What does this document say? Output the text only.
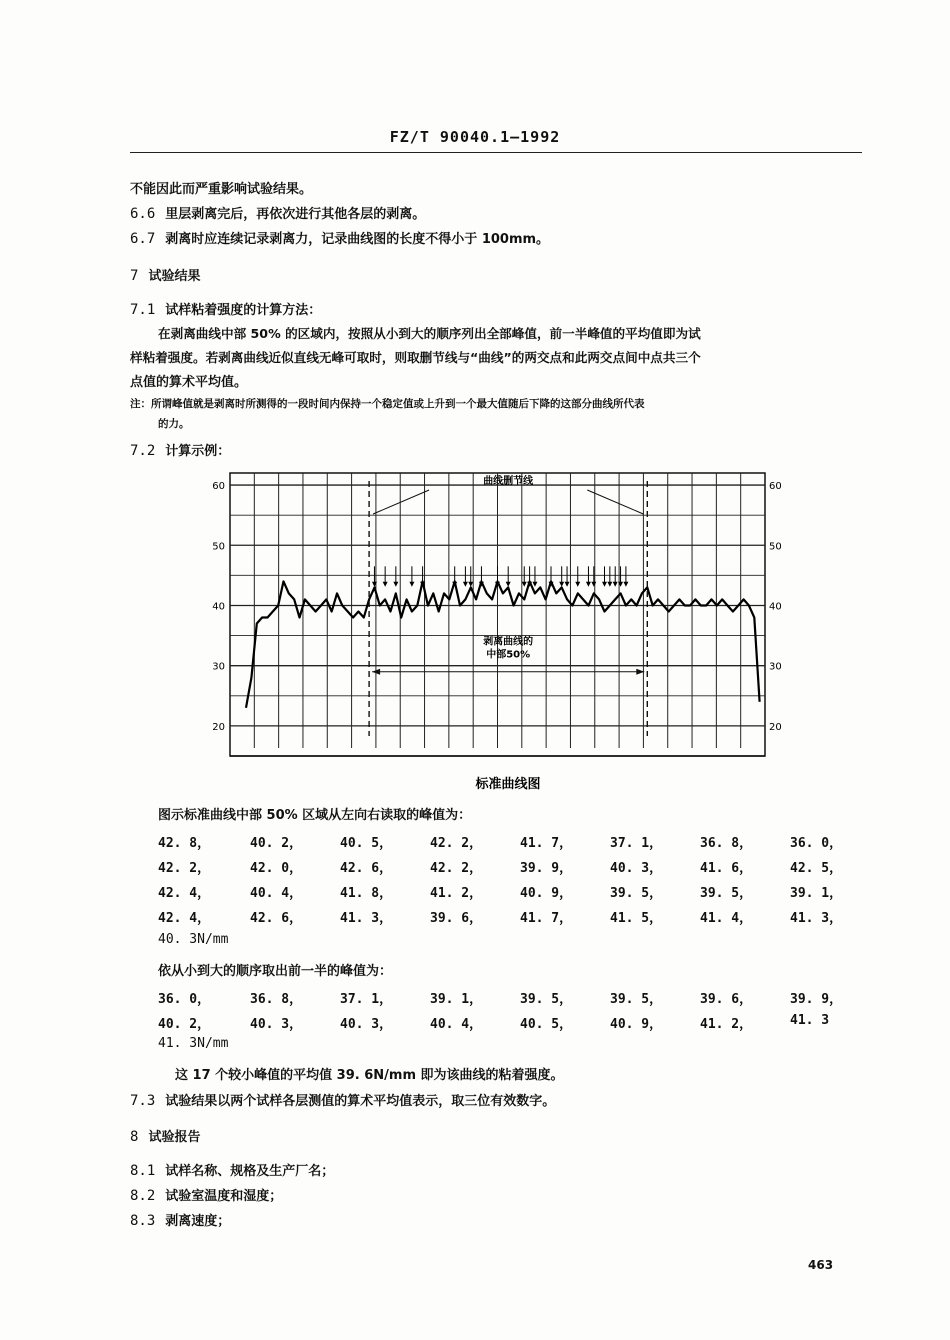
FZ/T 90040.1—1992
不能因此而严重影响试验结果。
6.6 里层剥离完后，再依次进行其他各层的剥离。
6.7 剥离时应连续记录剥离力，记录曲线图的长度不得小于 100mm。
7 试验结果
7.1 试样粘着强度的计算方法：
在剥离曲线中部 50% 的区域内，按照从小到大的顺序列出全部峰值，前一半峰值的平均值即为试
样粘着强度。若剥离曲线近似直线无峰可取时，则取删节线与“曲线”的两交点和此两交点间中点共三个
点值的算术平均值。
注：所谓峰值就是剥离时所测得的一段时间内保持一个稳定值或上升到一个最大值随后下降的这部分曲线所代表
的力。
7.2 计算示例：
60	60
50	50
40	40
30	30
20	20
曲线删节线
剥离曲线的
中部50%
标准曲线图
图示标准曲线中部 50% 区域从左向右读取的峰值为：
42. 8，	40. 2，	40. 5，	42. 2，	41. 7，	37. 1，	36. 8，	36. 0，
42. 2，	42. 0，	42. 6，	42. 2，	39. 9，	40. 3，	41. 6，	42. 5，
42. 4，	40. 4，	41. 8，	41. 2，	40. 9，	39. 5，	39. 5，	39. 1，
42. 4，	42. 6，	41. 3，	39. 6，	41. 7，	41. 5，	41. 4，	41. 3，
40. 3N/mm
依从小到大的顺序取出前一半的峰值为：
36. 0，	36. 8，	37. 1，	39. 1，	39. 5，	39. 5，	39. 6，	39. 9，
40. 2，	40. 3，	40. 3，	40. 4，	40. 5，	40. 9，	41. 2，	41. 3
41. 3N/mm
这 17 个较小峰值的平均值 39. 6N/mm 即为该曲线的粘着强度。
7.3 试验结果以两个试样各层测值的算术平均值表示，取三位有效数字。
8 试验报告
8.1 试样名称、规格及生产厂名；
8.2 试验室温度和湿度；
8.3 剥离速度；
463
